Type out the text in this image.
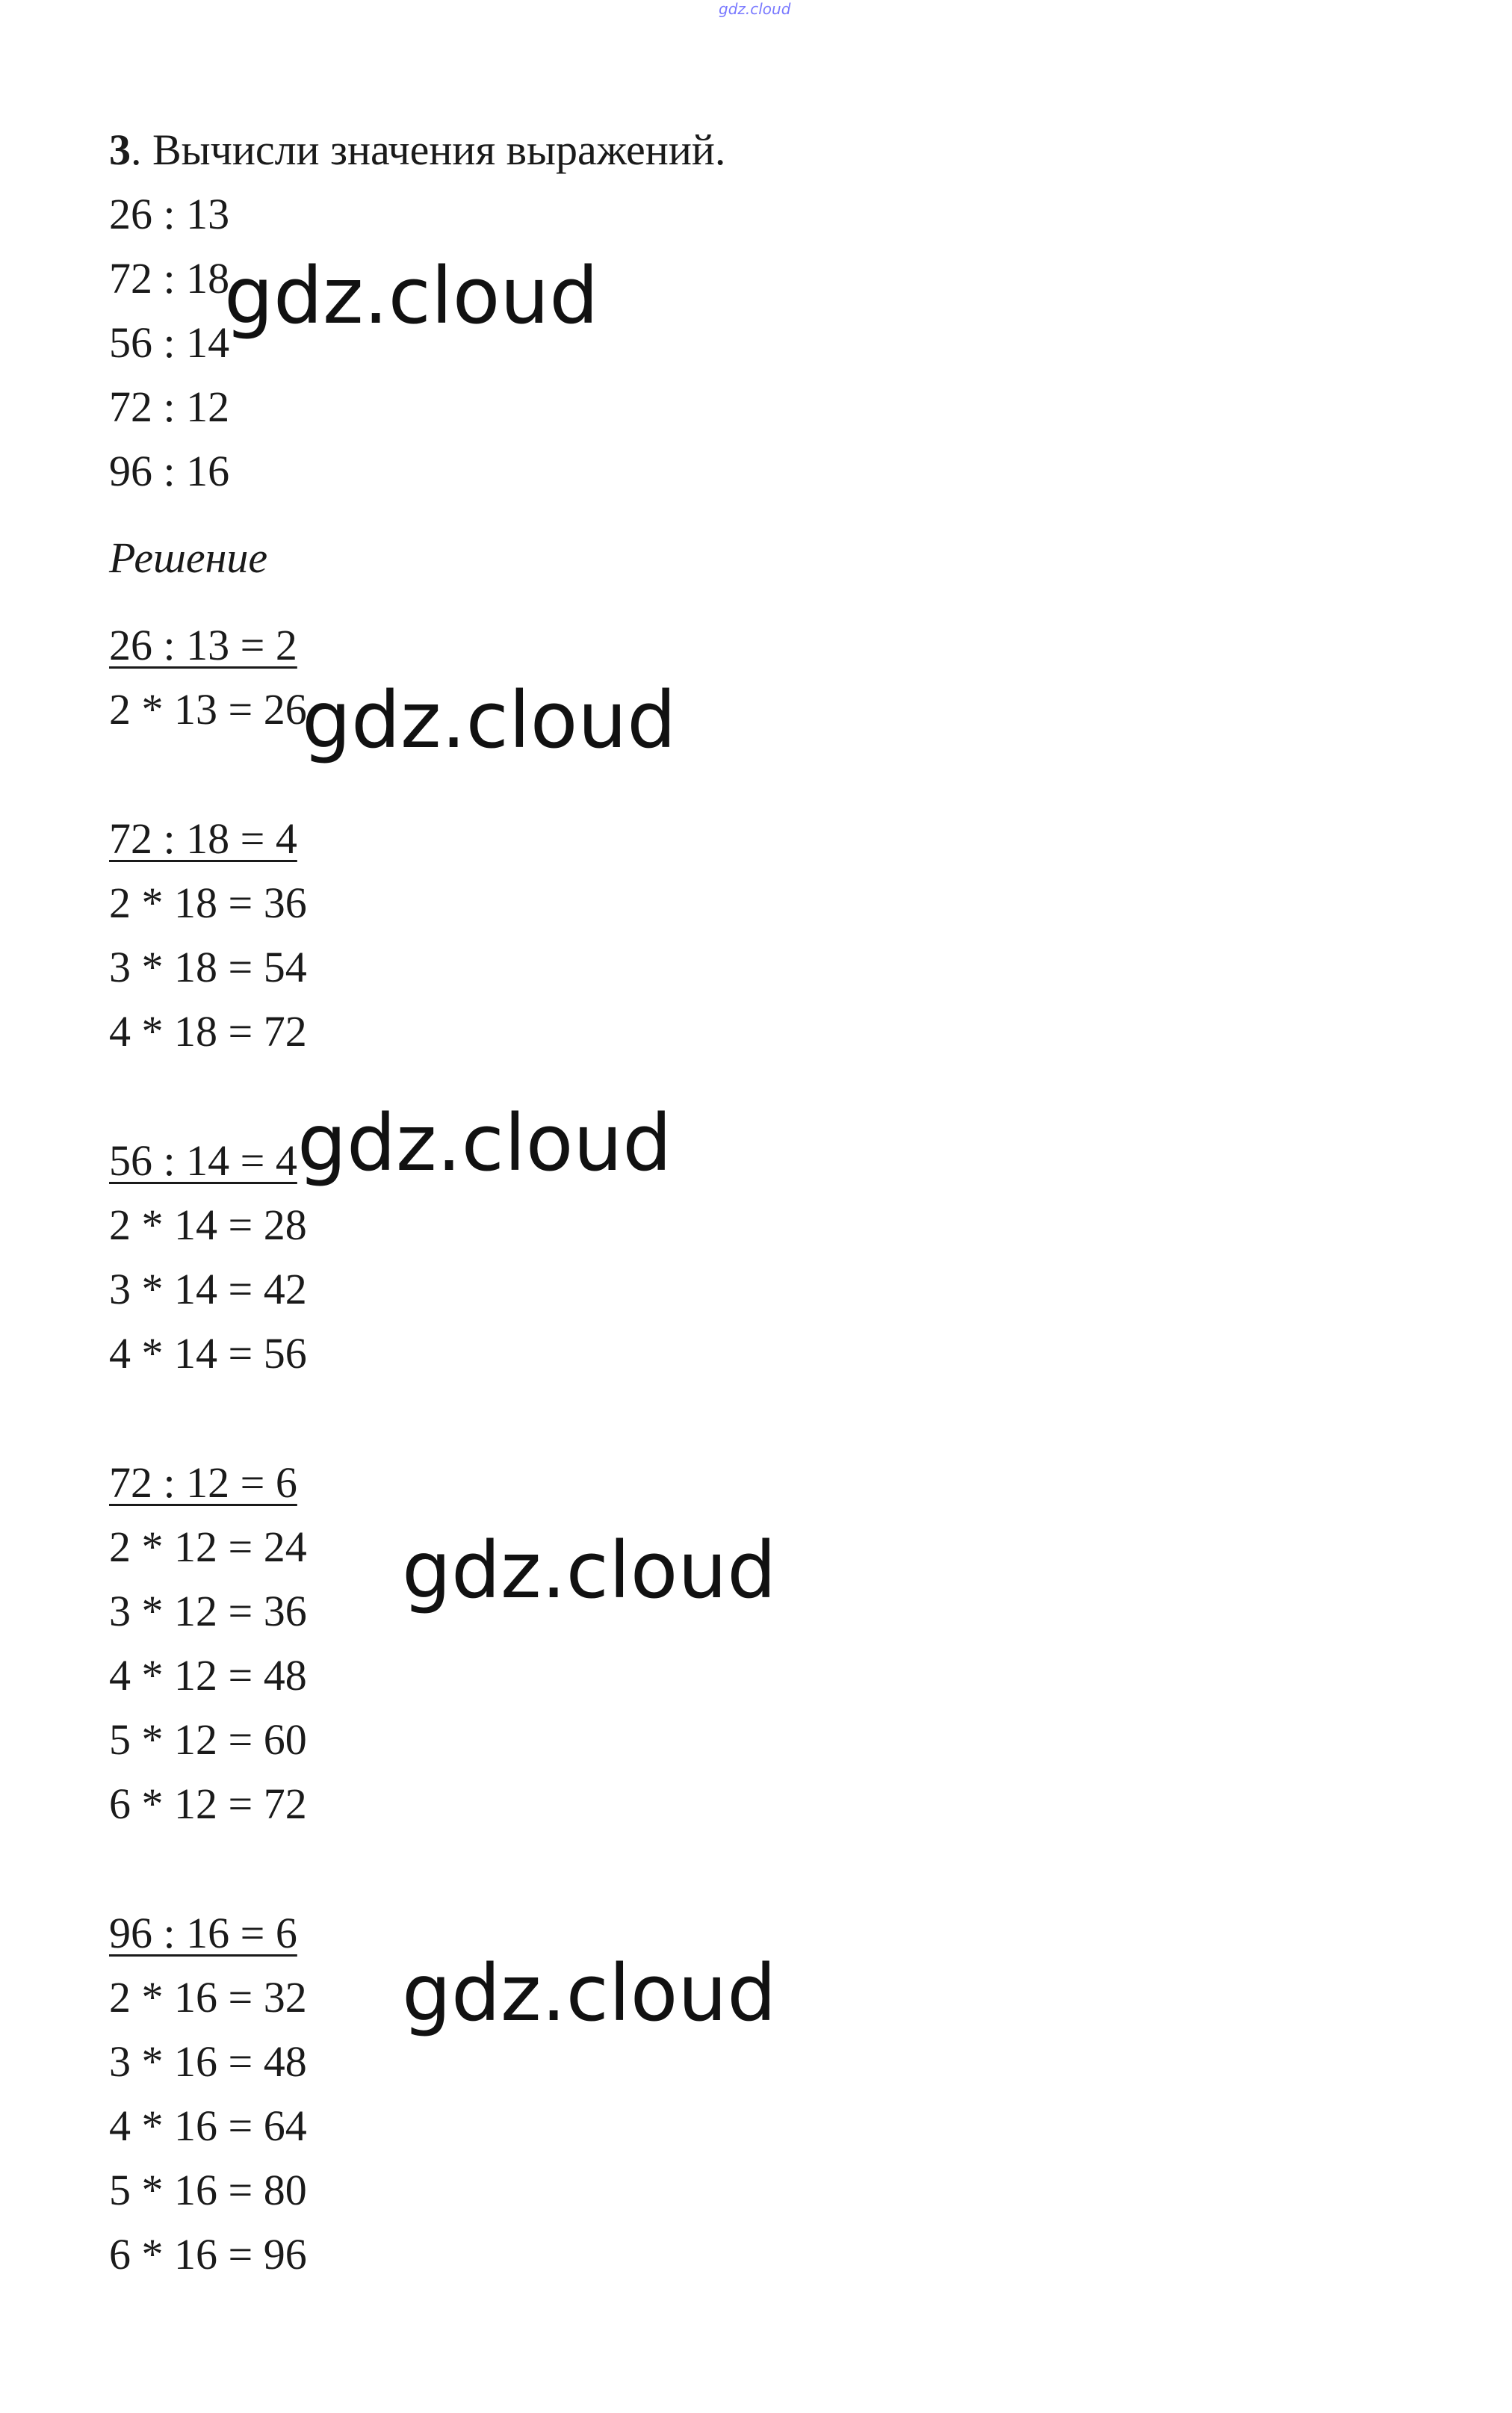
gdz.cloud
3. Вычисли значения выражений.
26 : 13
72 : 18
56 : 14
72 : 12
96 : 16
Решение
26 : 13 = 2
2 * 13 = 26
72 : 18 = 4
2 * 18 = 36
3 * 18 = 54
4 * 18 = 72
56 : 14 = 4
2 * 14 = 28
3 * 14 = 42
4 * 14 = 56
72 : 12 = 6
2 * 12 = 24
3 * 12 = 36
4 * 12 = 48
5 * 12 = 60
6 * 12 = 72
96 : 16 = 6
2 * 16 = 32
3 * 16 = 48
4 * 16 = 64
5 * 16 = 80
6 * 16 = 96
gdz.cloud
gdz.cloud
gdz.cloud
gdz.cloud
gdz.cloud
